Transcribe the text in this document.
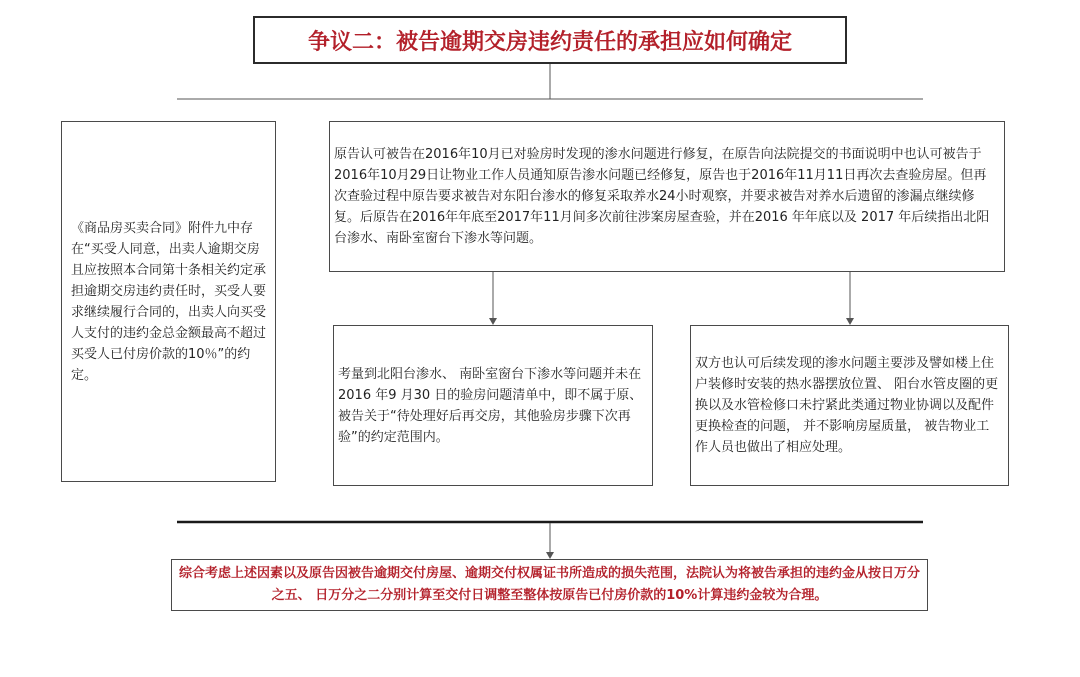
争议二：被告逾期交房违约责任的承担应如何确定
《商品房买卖合同》附件九中存在“买受人同意，出卖人逾期交房且应按照本合同第十条相关约定承担逾期交房违约责任时，买受人要求继续履行合同的，出卖人向买受人支付的违约金总金额最高不超过买受人已付房价款的10％”的约定。
原告认可被告在2016年10月已对验房时发现的渗水问题进行修复，在原告向法院提交的书面说明中也认可被告于2016年10月29日让物业工作人员通知原告渗水问题已经修复，原告也于2016年11月11日再次去查验房屋。但再次查验过程中原告要求被告对东阳台渗水的修复采取养水24小时观察，并要求被告对养水后遗留的渗漏点继续修复。后原告在2016年年底至2017年11月间多次前往涉案房屋查验，并在2016 年年底以及 2017 年后续指出北阳台渗水、南卧室窗台下渗水等问题。
考量到北阳台渗水、 南卧室窗台下渗水等问题并未在2016 年9 月30 日的验房问题清单中，即不属于原、被告关于“待处理好后再交房，其他验房步骤下次再验”的约定范围内。
双方也认可后续发现的渗水问题主要涉及譬如楼上住户装修时安装的热水器摆放位置、 阳台水管皮圈的更换以及水管检修口未拧紧此类通过物业协调以及配件更换检查的问题， 并不影响房屋质量， 被告物业工作人员也做出了相应处理。
综合考虑上述因素以及原告因被告逾期交付房屋、逾期交付权属证书所造成的损失范围，法院认为将被告承担的违约金从按日万分之五、 日万分之二分别计算至交付日调整至整体按原告已付房价款的10%计算违约金较为合理。
